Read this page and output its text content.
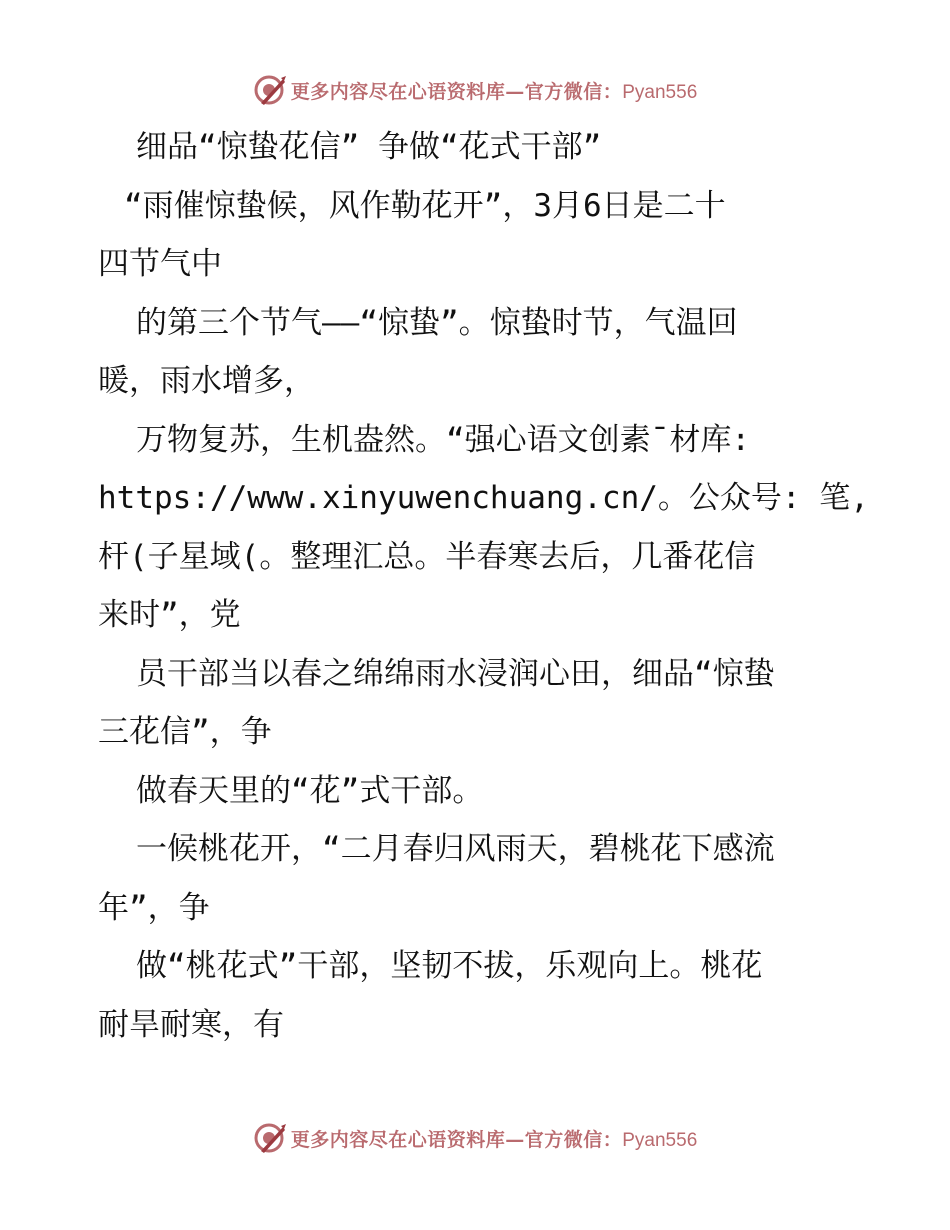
更多内容尽在心语资料库—官方微信：Pyan556
细品“惊蛰花信” 争做“花式干部”
“雨催惊蛰候，风作勒花开”，3月6日是二十
四节气中
的第三个节气——“惊蛰”。惊蛰时节，气温回
暖，雨水增多，
万物复苏，生机盎然。“强心语文创素¯材库:
https://www.xinyuwenchuang.cn/。公众号: 笔,
杆(子星域(。整理汇总。半春寒去后，几番花信
来时”，党
员干部当以春之绵绵雨水浸润心田，细品“惊蛰
三花信”，争
做春天里的“花”式干部。
一候桃花开，“二月春归风雨天，碧桃花下感流
年”，争
做“桃花式”干部，坚韧不拔，乐观向上。桃花
耐旱耐寒，有
更多内容尽在心语资料库—官方微信：Pyan556
